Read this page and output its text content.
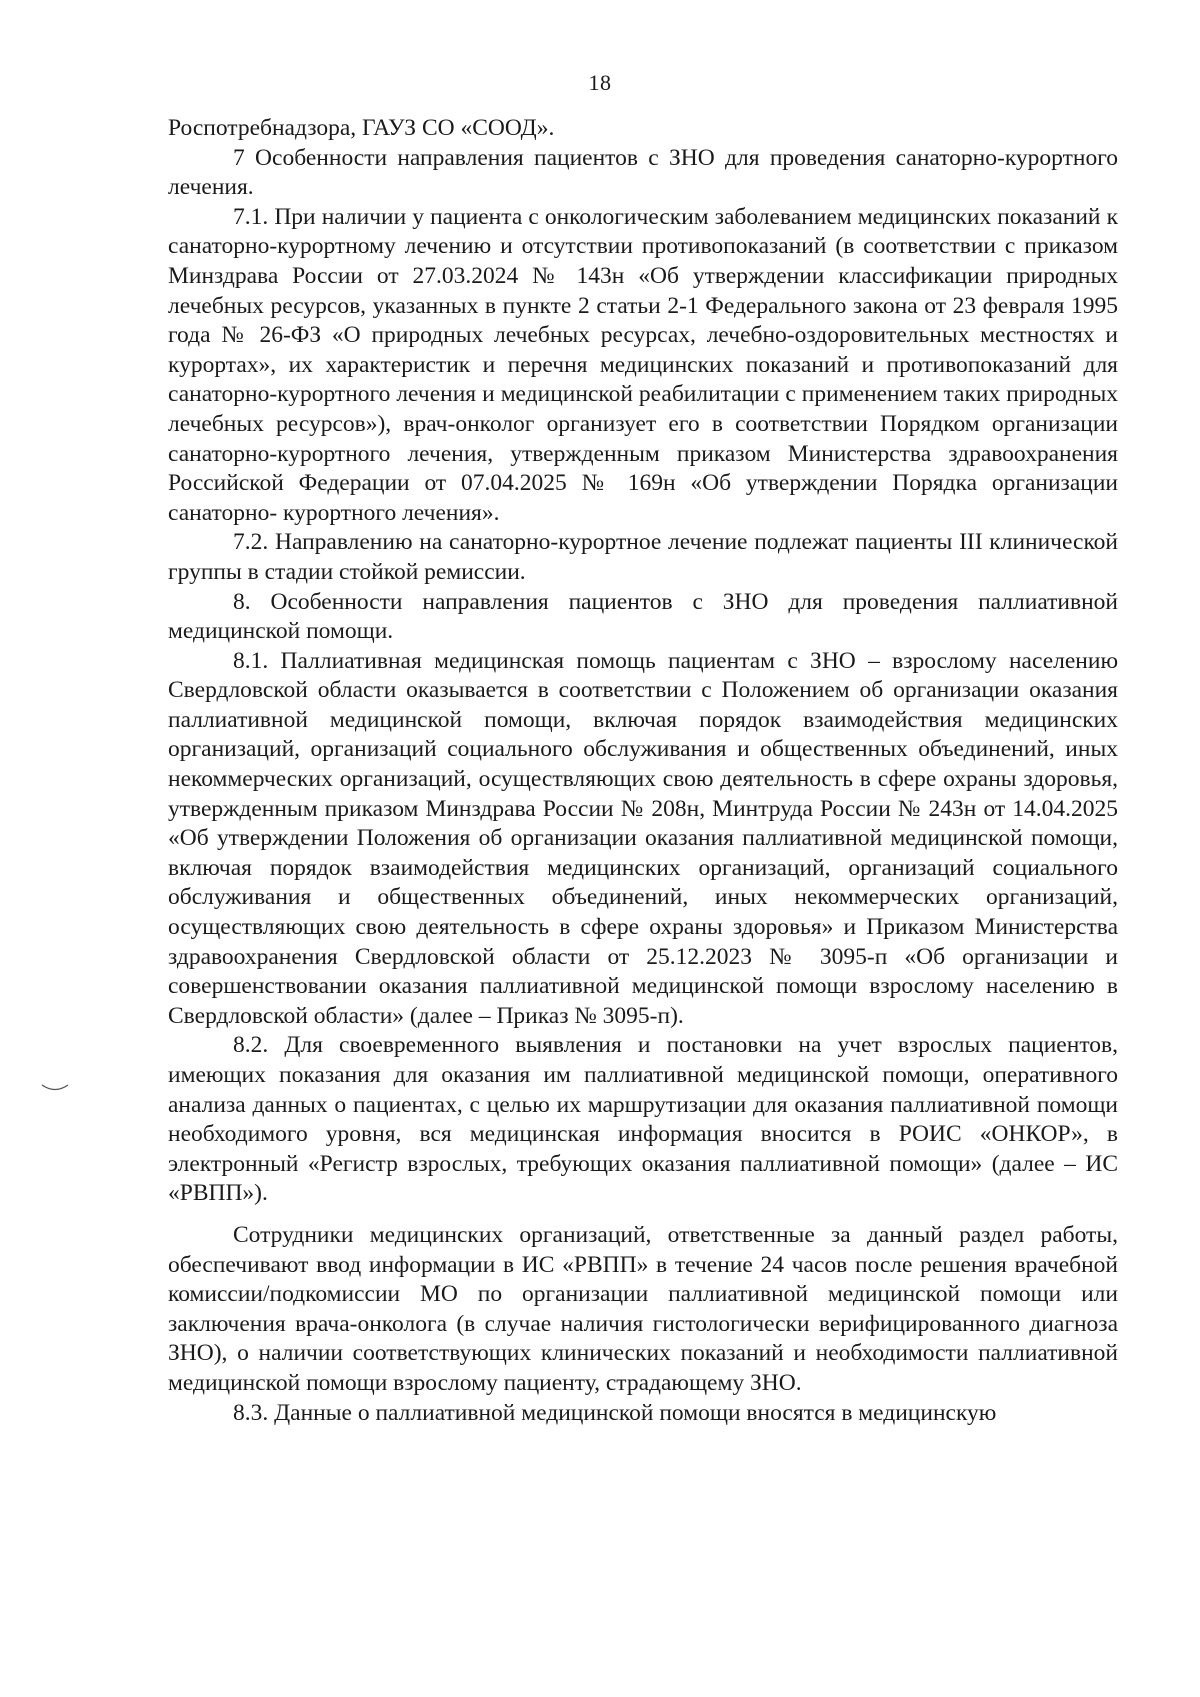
18

Роспотребнадзора, ГАУЗ СО «СООД».

7 Особенности направления пациентов с ЗНО для проведения санаторно-курортного лечения.

7.1. При наличии у пациента с онкологическим заболеванием медицинских показаний к санаторно-курортному лечению и отсутствии противопоказаний (в соответствии с приказом Минздрава России от 27.03.2024 № 143н «Об утверждении классификации природных лечебных ресурсов, указанных в пункте 2 статьи 2-1 Федерального закона от 23 февраля 1995 года № 26-ФЗ «О природных лечебных ресурсах, лечебно-оздоровительных местностях и курортах», их характеристик и перечня медицинских показаний и противопоказаний для санаторно-курортного лечения и медицинской реабилитации с применением таких природных лечебных ресурсов»), врач-онколог организует его в соответствии Порядком организации санаторно-курортного лечения, утвержденным приказом Министерства здравоохранения Российской Федерации от 07.04.2025 № 169н «Об утверждении Порядка организации санаторно- курортного лечения».

7.2. Направлению на санаторно-курортное лечение подлежат пациенты III клинической группы в стадии стойкой ремиссии.

8. Особенности направления пациентов с ЗНО для проведения паллиативной медицинской помощи.

8.1. Паллиативная медицинская помощь пациентам с ЗНО – взрослому населению Свердловской области оказывается в соответствии с Положением об организации оказания паллиативной медицинской помощи, включая порядок взаимодействия медицинских организаций, организаций социального обслуживания и общественных объединений, иных некоммерческих организаций, осуществляющих свою деятельность в сфере охраны здоровья, утвержденным приказом Минздрава России № 208н, Минтруда России № 243н от 14.04.2025 «Об утверждении Положения об организации оказания паллиативной медицинской помощи, включая порядок взаимодействия медицинских организаций, организаций социального обслуживания и общественных объединений, иных некоммерческих организаций, осуществляющих свою деятельность в сфере охраны здоровья» и Приказом Министерства здравоохранения Свердловской области от 25.12.2023 № 3095-п «Об организации и совершенствовании оказания паллиативной медицинской помощи взрослому населению в Свердловской области» (далее – Приказ № 3095-п).

8.2. Для своевременного выявления и постановки на учет взрослых пациентов, имеющих показания для оказания им паллиативной медицинской помощи, оперативного анализа данных о пациентах, с целью их маршрутизации для оказания паллиативной помощи необходимого уровня, вся медицинская информация вносится в РОИС «ОНКОР», в электронный «Регистр взрослых, требующих оказания паллиативной помощи» (далее – ИС «РВПП»).

Сотрудники медицинских организаций, ответственные за данный раздел работы, обеспечивают ввод информации в ИС «РВПП» в течение 24 часов после решения врачебной комиссии/подкомиссии МО по организации паллиативной медицинской помощи или заключения врача-онколога (в случае наличия гистологически верифицированного диагноза ЗНО), о наличии соответствующих клинических показаний и необходимости паллиативной медицинской помощи взрослому пациенту, страдающему ЗНО.

8.3. Данные о паллиативной медицинской помощи вносятся в медицинскую
